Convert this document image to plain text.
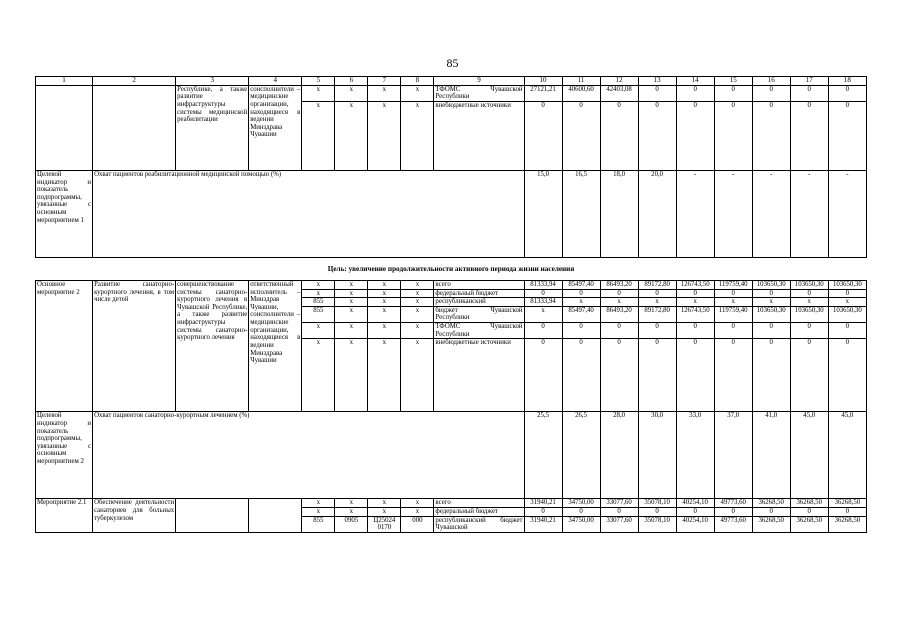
85
1	2	3	4	5	6	7	8	9	10	11	12	13	14	15	16	17	18
		Республике, а также развитие инфраструктуры системы медицинской реабилитации	соисполнители – медицинские организации, находящиеся в ведении Минздрава Чувашии	x	x	x	x	ТФОМС Чувашской Республики	27121,21	40600,60	42403,08	0	0	0	0	0	0
				x	x	x	x	внебюджетные источники	0	0	0	0	0	0	0	0	0
Целевой индикатор и показатель подпрограммы, увязанные с основным мероприятием 1	Охват пациентов реабилитационной медицинской помощью (%)								15,0	16,5	18,0	20,0	-	-	-	-	-
Цель: увеличение продолжительности активного периода жизни населения																	
Основное мероприятие 2	Развитие санаторно-курортного лечения, в том числе детей	совершенствование системы санаторно-курортного лечения в Чувашской Республике, а также развитие инфраструктуры системы санаторно-курортного лечения	ответственный исполнитель – Минздрав Чувашии, соисполнители – медицинские организации, находящиеся в ведении Минздрава Чувашии	x	x	x	x	всего	81333,94	85497,40	86493,20	89172,80	126743,50	119759,40	103650,30	103650,30	103650,30
				x	x	x	x	федеральный бюджет	0	0	0	0	0	0	0	0	0
				855	x	x	x	республиканский	81333,94	x	x	x	x	x	x	x	x
				855	x	x	x	бюджет Чувашской Республики	x	85497,40	86493,20	89172,80	126743,50	119759,40	103650,30	103650,30	103650,30
				x	x	x	x	ТФОМС Чувашской Республики	0	0	0	0	0	0	0	0	0
				x	x	x	x	внебюджетные источники	0	0	0	0	0	0	0	0	0
Целевой индикатор и показатель подпрограммы, увязанные с основным мероприятием 2	Охват пациентов санаторно-курортным лечением (%)								25,5	26,5	28,0	30,0	33,0	37,0	41,0	45,0	45,0
Мероприятие 2.1	Обеспечение деятельности санаториев для больных туберкулезом			x	x	x	x	всего	31940,21	34750,00	33077,60	35078,10	40254,10	49773,60	36268,50	36268,50	36268,50
				x	x	x	x	федеральный бюджет	0	0	0	0	0	0	0	0	0
				855	0905	Ц25024 0170	000	республиканский бюджет Чувашской	31940,21	34750,00	33077,60	35078,10	40254,10	49773,60	36268,50	36268,50	36268,50
